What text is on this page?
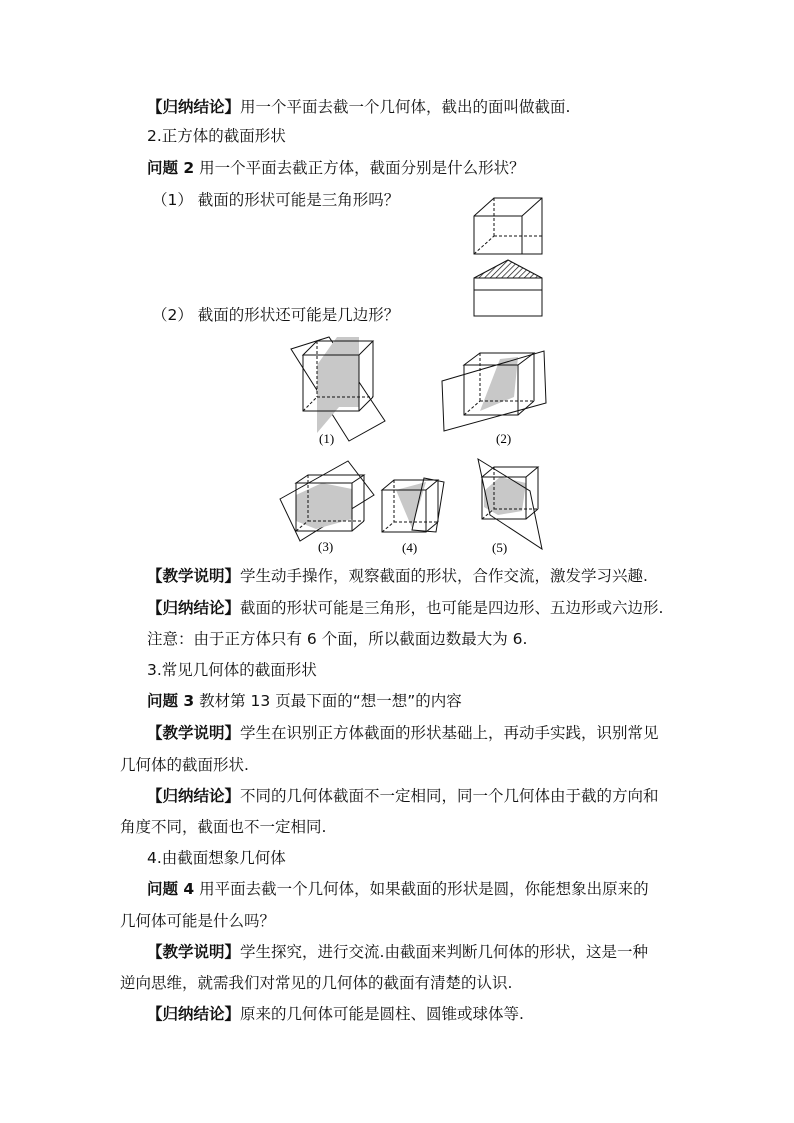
【归纳结论】用一个平面去截一个几何体，截出的面叫做截面.
2.正方体的截面形状
问题 2 用一个平面去截正方体，截面分别是什么形状？
（1） 截面的形状可能是三角形吗？
（2） 截面的形状还可能是几边形？
(1)	(2)
(3)	(4)	(5)
【教学说明】学生动手操作，观察截面的形状，合作交流，激发学习兴趣.
【归纳结论】截面的形状可能是三角形，也可能是四边形、五边形或六边形.
注意：由于正方体只有 6 个面，所以截面边数最大为 6.
3.常见几何体的截面形状
问题 3 教材第 13 页最下面的“想一想”的内容
【教学说明】学生在识别正方体截面的形状基础上，再动手实践，识别常见
几何体的截面形状.
【归纳结论】不同的几何体截面不一定相同，同一个几何体由于截的方向和
角度不同，截面也不一定相同.
4.由截面想象几何体
问题 4 用平面去截一个几何体，如果截面的形状是圆，你能想象出原来的
几何体可能是什么吗？
【教学说明】学生探究，进行交流.由截面来判断几何体的形状，这是一种
逆向思维，就需我们对常见的几何体的截面有清楚的认识.
【归纳结论】原来的几何体可能是圆柱、圆锥或球体等.
